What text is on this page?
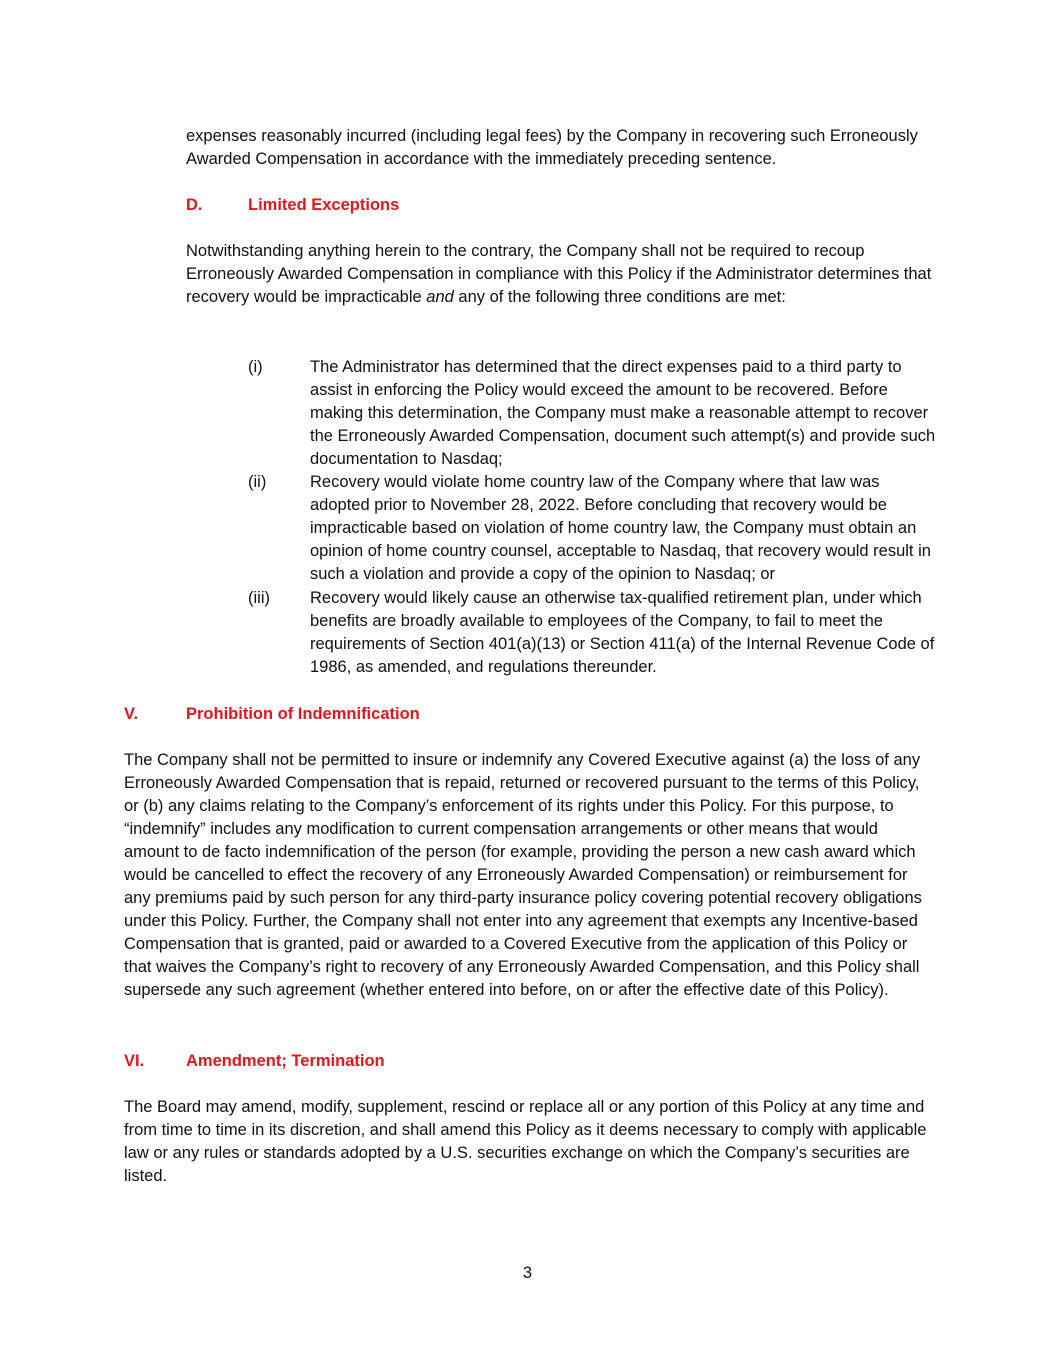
expenses reasonably incurred (including legal fees) by the Company in recovering such Erroneously Awarded Compensation in accordance with the immediately preceding sentence.

D.	Limited Exceptions

Notwithstanding anything herein to the contrary, the Company shall not be required to recoup Erroneously Awarded Compensation in compliance with this Policy if the Administrator determines that recovery would be impracticable and any of the following three conditions are met:

(i)	The Administrator has determined that the direct expenses paid to a third party to assist in enforcing the Policy would exceed the amount to be recovered. Before making this determination, the Company must make a reasonable attempt to recover the Erroneously Awarded Compensation, document such attempt(s) and provide such documentation to Nasdaq;
(ii)	Recovery would violate home country law of the Company where that law was adopted prior to November 28, 2022. Before concluding that recovery would be impracticable based on violation of home country law, the Company must obtain an opinion of home country counsel, acceptable to Nasdaq, that recovery would result in such a violation and provide a copy of the opinion to Nasdaq; or
(iii) Recovery would likely cause an otherwise tax-qualified retirement plan, under which benefits are broadly available to employees of the Company, to fail to meet the requirements of Section 401(a)(13) or Section 411(a) of the Internal Revenue Code of 1986, as amended, and regulations thereunder.
V.	Prohibition of Indemnification

The Company shall not be permitted to insure or indemnify any Covered Executive against (a) the loss of any Erroneously Awarded Compensation that is repaid, returned or recovered pursuant to the terms of this Policy, or (b) any claims relating to the Company’s enforcement of its rights under this Policy. For this purpose, to “indemnify” includes any modification to current compensation arrangements or other means that would amount to de facto indemnification of the person (for example, providing the person a new cash award which would be cancelled to effect the recovery of any Erroneously Awarded Compensation) or reimbursement for any premiums paid by such person for any third-party insurance policy covering potential recovery obligations under this Policy. Further, the Company shall not enter into any agreement that exempts any Incentive-based Compensation that is granted, paid or awarded to a Covered Executive from the application of this Policy or that waives the Company’s right to recovery of any Erroneously Awarded Compensation, and this Policy shall supersede any such agreement (whether entered into before, on or after the effective date of this Policy).

VI.	Amendment; Termination

The Board may amend, modify, supplement, rescind or replace all or any portion of this Policy at any time and from time to time in its discretion, and shall amend this Policy as it deems necessary to comply with applicable law or any rules or standards adopted by a U.S. securities exchange on which the Company’s securities are listed.

3
